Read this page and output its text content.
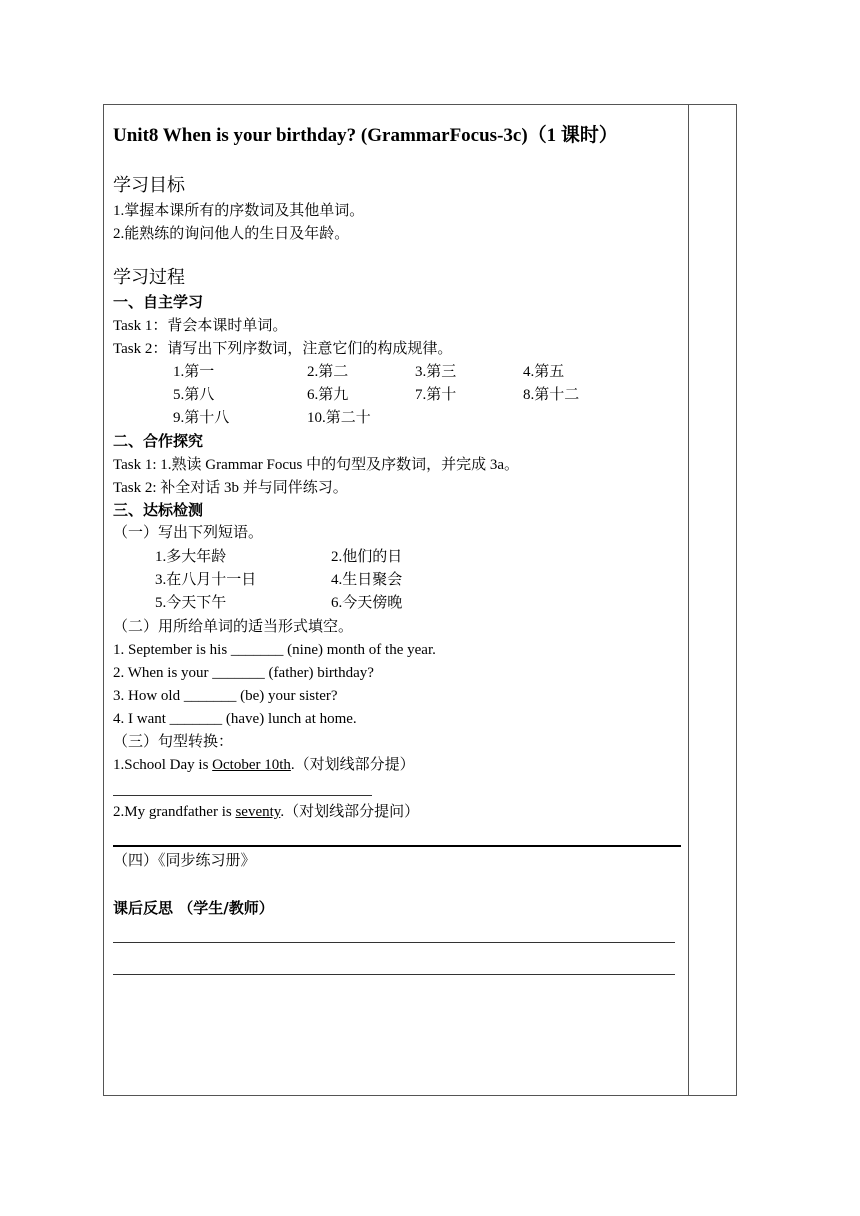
Unit8 When is your birthday? (GrammarFocus-3c)（1 课时）
学习目标
1.掌握本课所有的序数词及其他单词。
2.能熟练的询问他人的生日及年龄。
学习过程
一、自主学习
Task 1：背会本课时单词。
Task 2：请写出下列序数词，注意它们的构成规律。
1.第一	2.第二	3.第三	4.第五
5.第八	6.第九	7.第十	8.第十二
9.第十八	10.第二十
二、合作探究
Task 1: 1.熟读 Grammar Focus 中的句型及序数词，并完成 3a。
Task 2: 补全对话 3b 并与同伴练习。
三、达标检测
（一）写出下列短语。
1.多大年龄	2.他们的日
3.在八月十一日	4.生日聚会
5.今天下午	6.今天傍晚
（二）用所给单词的适当形式填空。
1. September is his _______ (nine) month of the year.
2. When is your _______ (father) birthday?
3. How old _______ (be) your sister?
4. I want _______ (have) lunch at home.
（三）句型转换：
1.School Day is October 10th.（对划线部分提）
2.My grandfather is seventy.（对划线部分提问）
（四）《同步练习册》
课后反思 （学生/教师）
